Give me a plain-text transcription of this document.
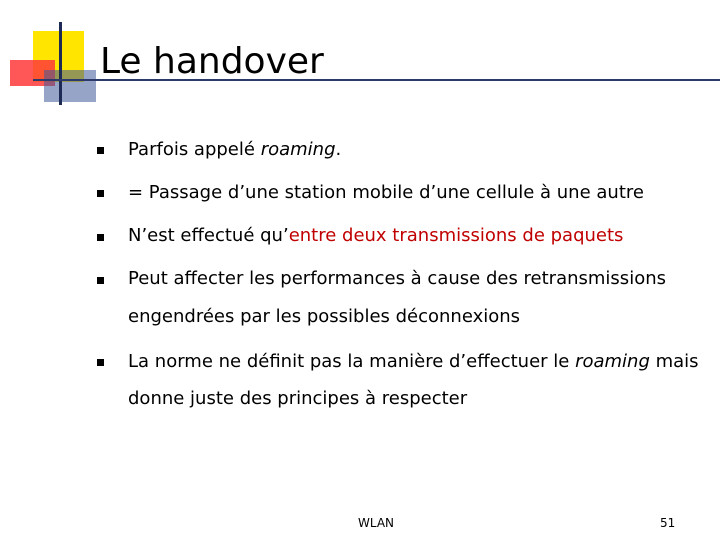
Le handover
Parfois appelé roaming.
= Passage d’une station mobile d’une cellule à une autre
N’est effectué qu’entre deux transmissions de paquets
Peut affecter les performances à cause des retransmissions
engendrées par les possibles déconnexions
La norme ne définit pas la manière d’effectuer le roaming mais
donne juste des principes à respecter
WLAN	51
